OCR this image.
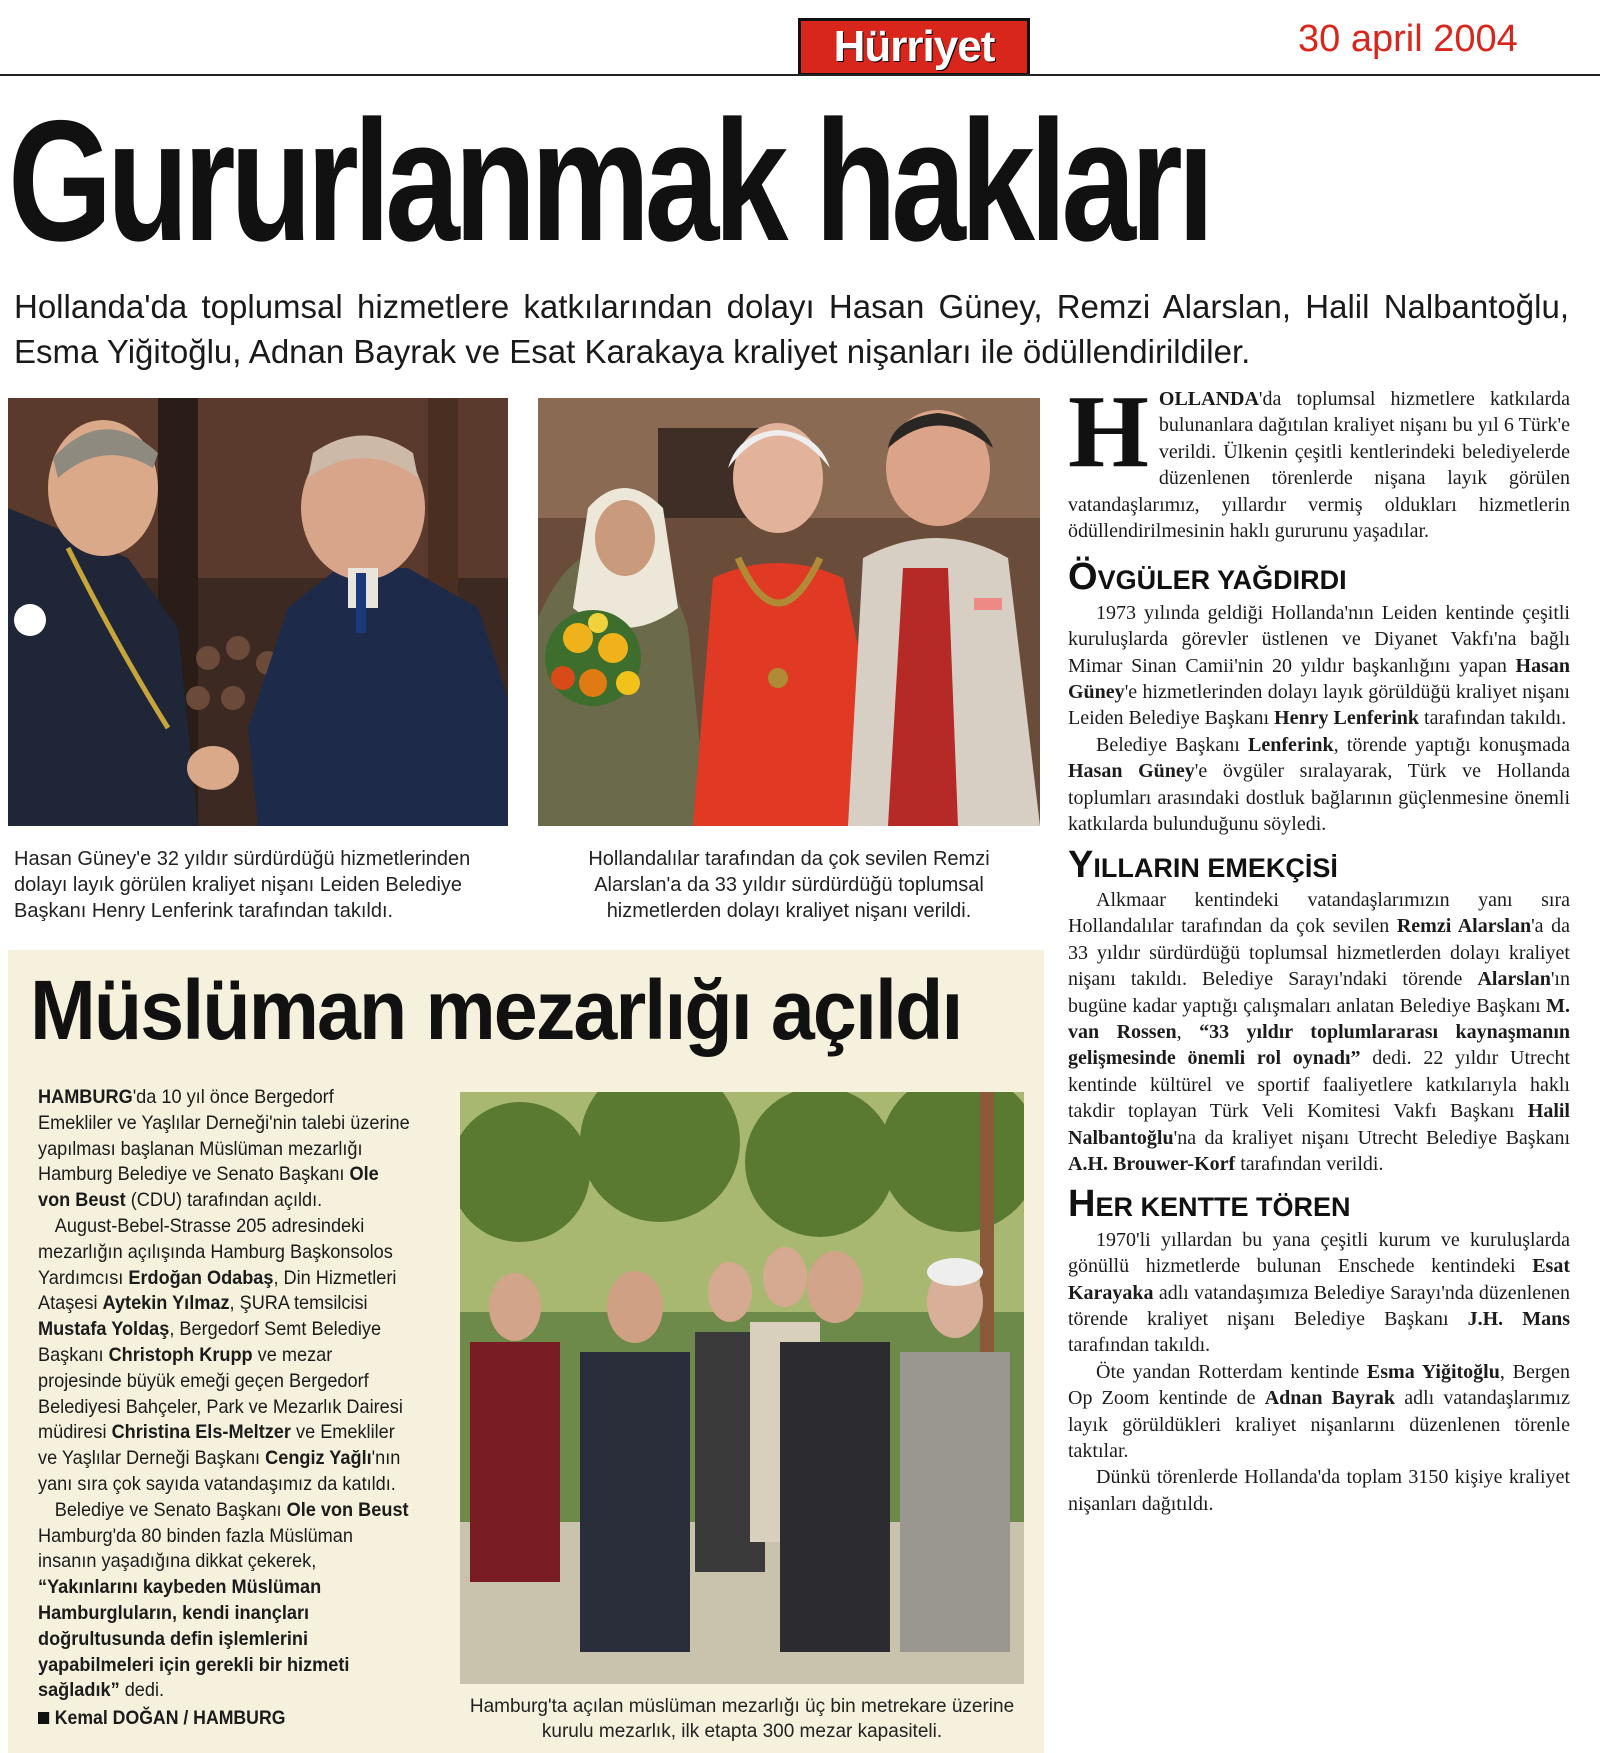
Hürriyet	30 april 2004
Gururlanmak hakları
Hollanda'da toplumsal hizmetlere katkılarından dolayı Hasan Güney, Remzi Alarslan, Halil Nalbantoğlu, Esma Yiğitoğlu, Adnan Bayrak ve Esat Karakaya kraliyet nişanları ile ödüllendirildiler.
Hasan Güney'e 32 yıldır sürdürdüğü hizmetlerinden dolayı layık görülen kraliyet nişanı Leiden Belediye Başkanı Henry Lenferink tarafından takıldı.
Hollandalılar tarafından da çok sevilen Remzi Alarslan'a da 33 yıldır sürdürdüğü toplumsal hizmetlerden dolayı kraliyet nişanı verildi.

HOLLANDA'da toplumsal hizmetlere katkılarda bulunanlara dağıtılan kraliyet nişanı bu yıl 6 Türk'e verildi. Ülkenin çeşitli kentlerindeki belediyelerde düzenlenen törenlerde nişana layık görülen vatandaşlarımız, yıllardır vermiş oldukları hizmetlerin ödüllendirilmesinin haklı gururunu yaşadılar.

ÖVGÜLER YAĞDIRDI

1973 yılında geldiği Hollanda'nın Leiden kentinde çeşitli kuruluşlarda görevler üstlenen ve Diyanet Vakfı'na bağlı Mimar Sinan Camii'nin 20 yıldır başkanlığını yapan Hasan Güney'e hizmetlerinden dolayı layık görüldüğü kraliyet nişanı Leiden Belediye Başkanı Henry Lenferink tarafından takıldı.

Belediye Başkanı Lenferink, törende yaptığı konuşmada Hasan Güney'e övgüler sıralayarak, Türk ve Hollanda toplumları arasındaki dostluk bağlarının güçlenmesine önemli katkılarda bulunduğunu söyledi.

YILLARIN EMEKÇİSİ

Alkmaar kentindeki vatandaşlarımızın yanı sıra Hollandalılar tarafından da çok sevilen Remzi Alarslan'a da 33 yıldır sürdürdüğü toplumsal hizmetlerden dolayı kraliyet nişanı takıldı. Belediye Sarayı'ndaki törende Alarslan'ın bugüne kadar yaptığı çalışmaları anlatan Belediye Başkanı M. van Rossen, “33 yıldır toplumlararası kaynaşmanın gelişmesinde önemli rol oynadı” dedi. 22 yıldır Utrecht kentinde kültürel ve sportif faaliyetlere katkılarıyla haklı takdir toplayan Türk Veli Komitesi Vakfı Başkanı Halil Nalbantoğlu'na da kraliyet nişanı Utrecht Belediye Başkanı A.H. Brouwer-Korf tarafından verildi.

HER KENTTE TÖREN

1970'li yıllardan bu yana çeşitli kurum ve kuruluşlarda gönüllü hizmetlerde bulunan Enschede kentindeki Esat Karayaka adlı vatandaşımıza Belediye Sarayı'nda düzenlenen törende kraliyet nişanı Belediye Başkanı J.H. Mans tarafından takıldı.

Öte yandan Rotterdam kentinde Esma Yiğitoğlu, Bergen Op Zoom kentinde de Adnan Bayrak adlı vatandaşlarımız layık görüldükleri kraliyet nişanlarını düzenlenen törenle taktılar.

Dünkü törenlerde Hollanda'da toplam 3150 kişiye kraliyet nişanları dağıtıldı.

Müslüman mezarlığı açıldı

HAMBURG'da 10 yıl önce Bergedorf Emekliler ve Yaşlılar Derneği'nin talebi üzerine yapılması başlanan Müslüman mezarlığı Hamburg Belediye ve Senato Başkanı Ole von Beust (CDU) tarafından açıldı.

August-Bebel-Strasse 205 adresindeki mezarlığın açılışında Hamburg Başkonsolos Yardımcısı Erdoğan Odabaş, Din Hizmetleri Ataşesi Aytekin Yılmaz, ŞURA temsilcisi Mustafa Yoldaş, Bergedorf Semt Belediye Başkanı Christoph Krupp ve mezar projesinde büyük emeği geçen Bergedorf Belediyesi Bahçeler, Park ve Mezarlık Dairesi müdiresi Christina Els-Meltzer ve Emekliler ve Yaşlılar Derneği Başkanı Cengiz Yağlı'nın yanı sıra çok sayıda vatandaşımız da katıldı.

Belediye ve Senato Başkanı Ole von Beust Hamburg'da 80 binden fazla Müslüman insanın yaşadığına dikkat çekerek, “Yakınlarını kaybeden Müslüman Hamburgluların, kendi inançları doğrultusunda defin işlemlerini yapabilmeleri için gerekli bir hizmeti sağladık” dedi.

Kemal DOĞAN / HAMBURG
Hamburg'ta açılan müslüman mezarlığı üç bin metrekare üzerine kurulu mezarlık, ilk etapta 300 mezar kapasiteli.
